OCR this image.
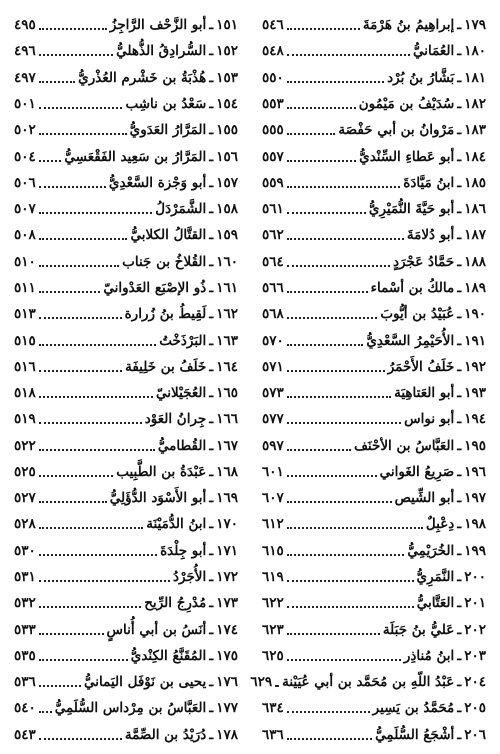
١٥١
ـ
أبو الزَّحْف الرَّاجِزُ
٤٩٥
١٥٢
ـ
السُّرادِقُ الذُّهليُّ
٤٩٦
١٥٣
ـ
هُذْبَةُ بن خَشْرم العُذْريُّ
٤٩٧
١٥٤
ـ
سَعْدُ بن ناشِب
٥٠١
١٥٥
ـ
المَرَّارُ العَدَويُّ
٥٠٢
١٥٦
ـ
المَرَّارُ بن سَعِيد الفَقْعَسِيُّ
٥٠٤
١٥٧
ـ
أبو وَجْزة السَّعْدِيُّ
٥٠٦
١٥٨
ـ
الشَّمَرْدَلُ
٥٠٧
١٥٩
ـ
القتَّالُ الكلابيُّ
٥٠٨
١٦٠
ـ
القُلاخُ بن جَناب
٥١٠
١٦١
ـ
ذُو الإصْبَع العَدْوانيّ
٥١١
١٦٢
ـ
لَقِيطُ بنُ زُرارة
٥١٣
١٦٣
ـ
البَرْذَخْتُ
٥١٥
١٦٤
ـ
خَلَفُ بن خَلِيفَة
٥١٦
١٦٥
ـ
العُجَيْلانيّ
٥١٨
١٦٦
ـ
جِرانُ العَوْد
٥١٩
١٦٧
ـ
القُطاميُّ
٥٢٢
١٦٨
ـ
عَبْدَةُ بن الطَّبِيب
٥٢٥
١٦٩
ـ
أبو الأَسْوَد الدُّؤَلِيُّ
٥٢٧
١٧٠
ـ
ابنُ الدُّمَيْنَة
٥٢٨
١٧١
ـ
أبو جِلْدَةَ
٥٣٠
١٧٢
ـ
الأُجَرْدُ
٥٣١
١٧٣
ـ
مُدْرِجُ الرِّيح
٥٣٢
١٧٤
ـ
أنَسُ بن أبي أُناسٍ
٥٣٣
١٧٥
ـ
المُقَنَّعُ الكِنْديُّ
٥٣٥
١٧٦
ـ
يحيى بن نَوْفَل اليَمانيُّ
٥٣٦
١٧٧
ـ
العَبَّاسُ بن مِرْداس السُّلَمِيُّ
٥٤٠
١٧٨
ـ
دُرَيْدُ بن الصِّمَّة
٥٤٣
١٧٩
ـ
إبراهِيمُ بنُ هَرْمَةَ
٥٤٦
١٨٠
ـ
العُمَانيُّ
٥٤٨
١٨١
ـ
بَشَّارُ بنُ بُرْد
٥٥٠
١٨٢
ـ
سُدَيْفُ بن مَيْمُون
٥٥٣
١٨٣
ـ
مَرْوانُ بن أبي حَفْصَة
٥٥٥
١٨٤
ـ
أبو عَطاءِ السِّنْديُّ
٥٥٧
١٨٥
ـ
ابنُ مَيَّادَةَ
٥٥٩
١٨٦
ـ
أبو حَيَّةَ النُّمَيْرِيُّ
٥٦١
١٨٧
ـ
أبو دُلامَةَ
٥٦٢
١٨٨
ـ
حَمَّادُ عَجْرَدٍ
٥٦٤
١٨٩
ـ
مالكُ بن أسْماء
٥٦٦
١٩٠
ـ
عُبَيْدُ بن أيُّوبَ
٥٦٨
١٩١
ـ
الأُحَيْمِرُ السَّعْدِيُّ
٥٧٠
١٩٢
ـ
خَلَفُ الأَحْمَرُ
٥٧١
١٩٣
ـ
أبو العَتاهِيَة
٥٧٣
١٩٤
ـ
أبو نواس
٥٧٧
١٩٥
ـ
العَبَّاسُ بن الأحْنَف
٥٩٧
١٩٦
ـ
صَرِيعُ الغَواني
٦٠١
١٩٧
ـ
أبو الشِّيص
٦٠٧
١٩٨
ـ
دِعْبِلٌ
٦١٢
١٩٩
ـ
الخُرَيْمِيُّ
٦١٥
٢٠٠
ـ
النَّمَرِيُّ
٦١٩
٢٠١
ـ
العَتَّابيُّ
٦٢٢
٢٠٢
ـ
عَليُّ بنُ جَبَلَة
٦٢٣
٢٠٣
ـ
ابنُ مُناذِر
٦٢٥
٢٠٤
ـ
عَبْدُ اللّهِ بن مُحَمَّد بن أبي عُيَيْنة
٦٢٩
٢٠٥
ـ
مُحَمَّدُ بن يَسِير
٦٣٤
٢٠٦
ـ
أشْجَعُ السُّلَمِيُّ
٦٣٦
